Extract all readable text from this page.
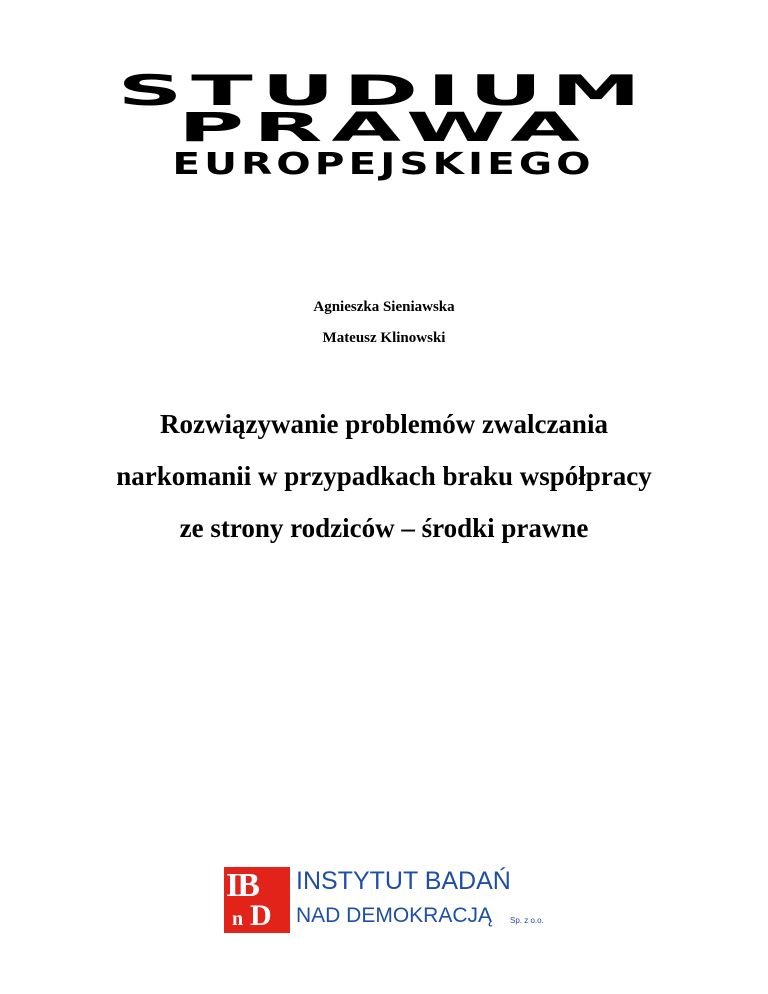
STUDIUM
PRAWA
EUROPEJSKIEGO
Agnieszka Sieniawska
Mateusz Klinowski
Rozwiązywanie problemów zwalczania
narkomanii w przypadkach braku współpracy
ze strony rodziców – środki prawne
IB
n D
INSTYTUT BADAŃ
NAD DEMOKRACJĄ Sp. z o.o.
